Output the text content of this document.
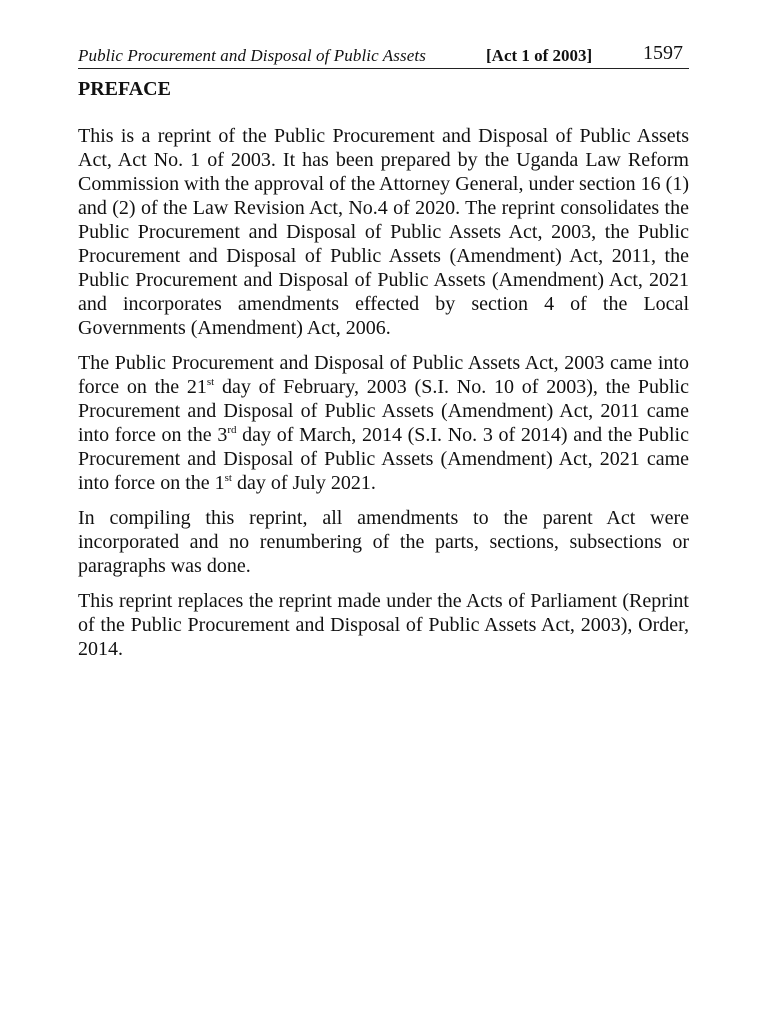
Public Procurement and Disposal of Public Assets	[Act 1 of 2003]	1597
PREFACE

This is a reprint of the Public Procurement and Disposal of Public Assets Act, Act No. 1 of 2003. It has been prepared by the Uganda Law Reform Commission with the approval of the Attorney General, under section 16 (1) and (2) of the Law Revision Act, No.4 of 2020. The reprint consolidates the Public Procurement and Disposal of Public Assets Act, 2003, the Public Procurement and Disposal of Public Assets (Amendment) Act, 2011, the Public Procurement and Disposal of Public Assets (Amendment) Act, 2021 and incorporates amendments effected by section 4 of the Local Governments (Amendment) Act, 2006.

The Public Procurement and Disposal of Public Assets Act, 2003 came into force on the 21st day of February, 2003 (S.I. No. 10 of 2003), the Public Procurement and Disposal of Public Assets (Amendment) Act, 2011 came into force on the 3rd day of March, 2014 (S.I. No. 3 of 2014) and the Public Procurement and Disposal of Public Assets (Amendment) Act, 2021 came into force on the 1st day of July 2021.

In compiling this reprint, all amendments to the parent Act were incorporated and no renumbering of the parts, sections, subsections or paragraphs was done.

This reprint replaces the reprint made under the Acts of Parliament (Reprint of the Public Procurement and Disposal of Public Assets Act, 2003), Order, 2014.
